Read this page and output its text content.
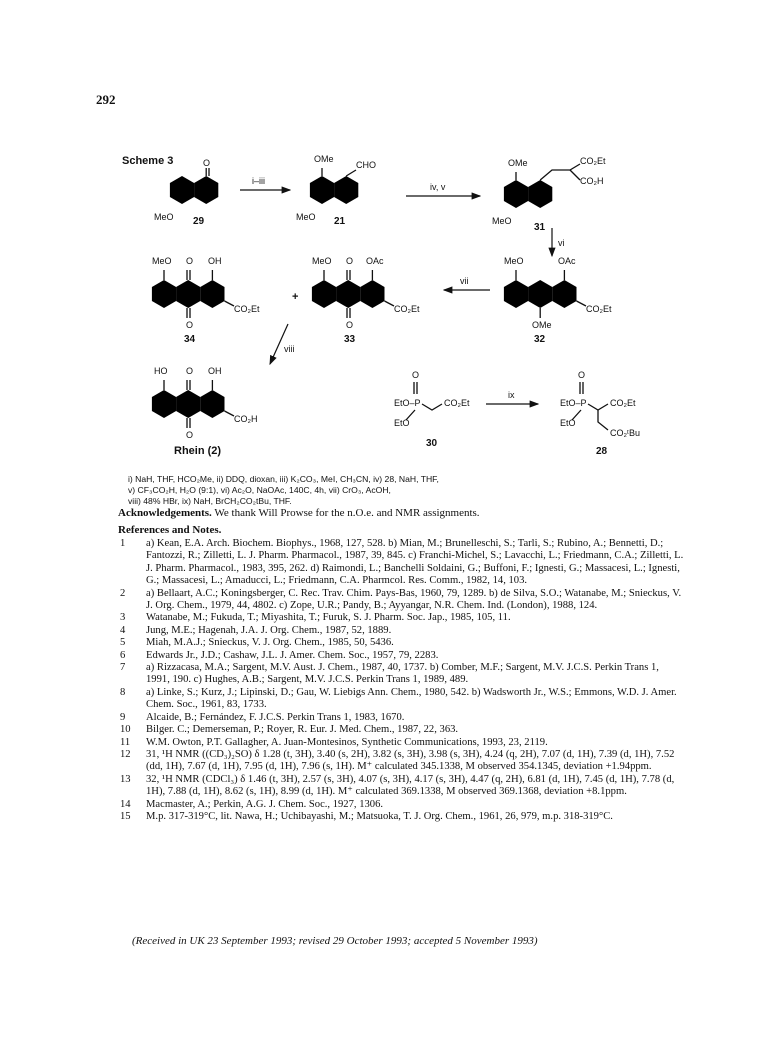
292
Scheme 3	O
MeO 29
i–iii
OMe
CHO
MeO 21
iv, v
OMe	CO₂Et
CO₂H
MeO
31
vi
MeO O OH
CO₂Et
O
34
+
MeO O OAc
CO₂Et
O
33
vii
MeO	OAc
CO₂Et
OMe
32
viii
HO O OH
CO₂H
O
Rhein (2)
O
EtO–P	CO₂Et
EtO
30
ix
O
EtO–P	CO₂Et
EtO
CO₂ᵗBu
28
i) NaH, THF, HCO₂Me, ii) DDQ, dioxan, iii) K₂CO₃, MeI, CH₃CN, iv) 28, NaH, THF,
v) CF₃CO₂H, H₂O (9:1), vi) Ac₂O, NaOAc, 140C, 4h, vii) CrO₃, AcOH,
viii) 48% HBr, ix) NaH, BrCH₂CO₂tBu, THF.
Acknowledgements. We thank Will Prowse for the n.O.e. and NMR assignments.
References and Notes.
1	a) Kean, E.A. Arch. Biochem. Biophys., 1968, 127, 528. b) Mian, M.; Brunelleschi, S.; Tarli, S.; Rubino, A.; Bennetti, D.; Fantozzi, R.; Zilletti, L. J. Pharm. Pharmacol., 1987, 39, 845. c) Franchi-Michel, S.; Lavacchi, L.; Friedmann, C.A.; Zilletti, L. J. Pharm. Pharmacol., 1983, 395, 262. d) Raimondi, L.; Banchelli Soldaini, G.; Buffoni, F.; Ignesti, G.; Massacesi, L.; Ignesti, G.; Massacesi, L.; Amaducci, L.; Friedmann, C.A. Pharmcol. Res. Comm., 1982, 14, 103.
2	a) Bellaart, A.C.; Koningsberger, C. Rec. Trav. Chim. Pays-Bas, 1960, 79, 1289. b) de Silva, S.O.; Watanabe, M.; Snieckus, V. J. Org. Chem., 1979, 44, 4802. c) Zope, U.R.; Pandy, B.; Ayyangar, N.R. Chem. Ind. (London), 1988, 124.
3	Watanabe, M.; Fukuda, T.; Miyashita, T.; Furuk, S. J. Pharm. Soc. Jap., 1985, 105, 11.
4	Jung, M.E.; Hagenah, J.A. J. Org. Chem., 1987, 52, 1889.
5	Miah, M.A.J.; Snieckus, V. J. Org. Chem., 1985, 50, 5436.
6	Edwards Jr., J.D.; Cashaw, J.L. J. Amer. Chem. Soc., 1957, 79, 2283.
7	a) Rizzacasa, M.A.; Sargent, M.V. Aust. J. Chem., 1987, 40, 1737. b) Comber, M.F.; Sargent, M.V. J.C.S. Perkin Trans 1, 1991, 190. c) Hughes, A.B.; Sargent, M.V. J.C.S. Perkin Trans 1, 1989, 489.
8	a) Linke, S.; Kurz, J.; Lipinski, D.; Gau, W. Liebigs Ann. Chem., 1980, 542. b) Wadsworth Jr., W.S.; Emmons, W.D. J. Amer. Chem. Soc., 1961, 83, 1733.
9	Alcaide, B.; Fernández, F. J.C.S. Perkin Trans 1, 1983, 1670.
10	Bilger. C.; Demerseman, P.; Royer, R. Eur. J. Med. Chem., 1987, 22, 363.
11	W.M. Owton, P.T. Gallagher, A. Juan-Montesinos, Synthetic Communications, 1993, 23, 2119.
12	31, ¹H NMR ((CD₃)₂SO) δ 1.28 (t, 3H), 3.40 (s, 2H), 3.82 (s, 3H), 3.98 (s, 3H), 4.24 (q, 2H), 7.07 (d, 1H), 7.39 (d, 1H), 7.52 (dd, 1H), 7.67 (d, 1H), 7.95 (d, 1H), 7.96 (s, 1H). M⁺ calculated 345.1338, M observed 354.1345, deviation +1.94ppm.
13	32, ¹H NMR (CDCl₃) δ 1.46 (t, 3H), 2.57 (s, 3H), 4.07 (s, 3H), 4.17 (s, 3H), 4.47 (q, 2H), 6.81 (d, 1H), 7.45 (d, 1H), 7.78 (d, 1H), 7.88 (d, 1H), 8.62 (s, 1H), 8.99 (d, 1H). M⁺ calculated 369.1338, M observed 369.1368, deviation +8.1ppm.
14	Macmaster, A.; Perkin, A.G. J. Chem. Soc., 1927, 1306.
15	M.p. 317-319°C, lit. Nawa, H.; Uchibayashi, M.; Matsuoka, T. J. Org. Chem., 1961, 26, 979, m.p. 318-319°C.
(Received in UK 23 September 1993; revised 29 October 1993; accepted 5 November 1993)
